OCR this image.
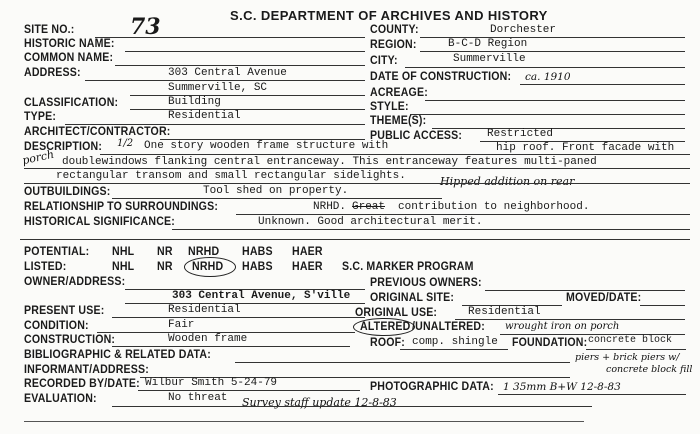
S.C. DEPARTMENT OF ARCHIVES AND HISTORY
SITE NO.:	73	COUNTY:	Dorchester
HISTORIC NAME:	REGION:	B-C-D Region
COMMON NAME:	CITY:	Summerville
ADDRESS:	303 Central Avenue
Summerville, SC
DATE OF CONSTRUCTION: ca. 1910
ACREAGE:
CLASSIFICATION:	Building	STYLE:
TYPE:	Residential	THEME(S):
ARCHITECT/CONTRACTOR:	PUBLIC ACCESS: Restricted
DESCRIPTION: 1/2 One story wooden frame structure with	hip roof. Front facade with
porch doublewindows flanking central entranceway. This entranceway features multi-paned
rectangular transom and small rectangular sidelights.	Hipped addition on rear
OUTBUILDINGS:	Tool shed on property.
RELATIONSHIP TO SURROUNDINGS:	NRHD. Great contribution to neighborhood.
HISTORICAL SIGNIFICANCE:	Unknown. Good architectural merit.
POTENTIAL: NHL NR NRHD HABS HAER
LISTED:	NHL NR NRHD HABS HAER S.C. MARKER PROGRAM
OWNER/ADDRESS:	PREVIOUS OWNERS:
303 Central Avenue, S'ville ORIGINAL SITE:	MOVED/DATE:
PRESENT USE:	Residential	ORIGINAL USE:	Residential
CONDITION:	Fair	ALTERED /UNALTERED: wrought iron on porch
CONSTRUCTION:	Wooden frame	ROOF: comp. shingle FOUNDATION: concrete block
piers + brick piers w/
concrete block fill
BIBLIOGRAPHIC & RELATED DATA:
INFORMANT/ADDRESS:
RECORDED BY/DATE: Wilbur Smith 5-24-79	PHOTOGRAPHIC DATA: 1 35mm B+W 12-8-83
EVALUATION:	No threat Survey staff update 12-8-83
